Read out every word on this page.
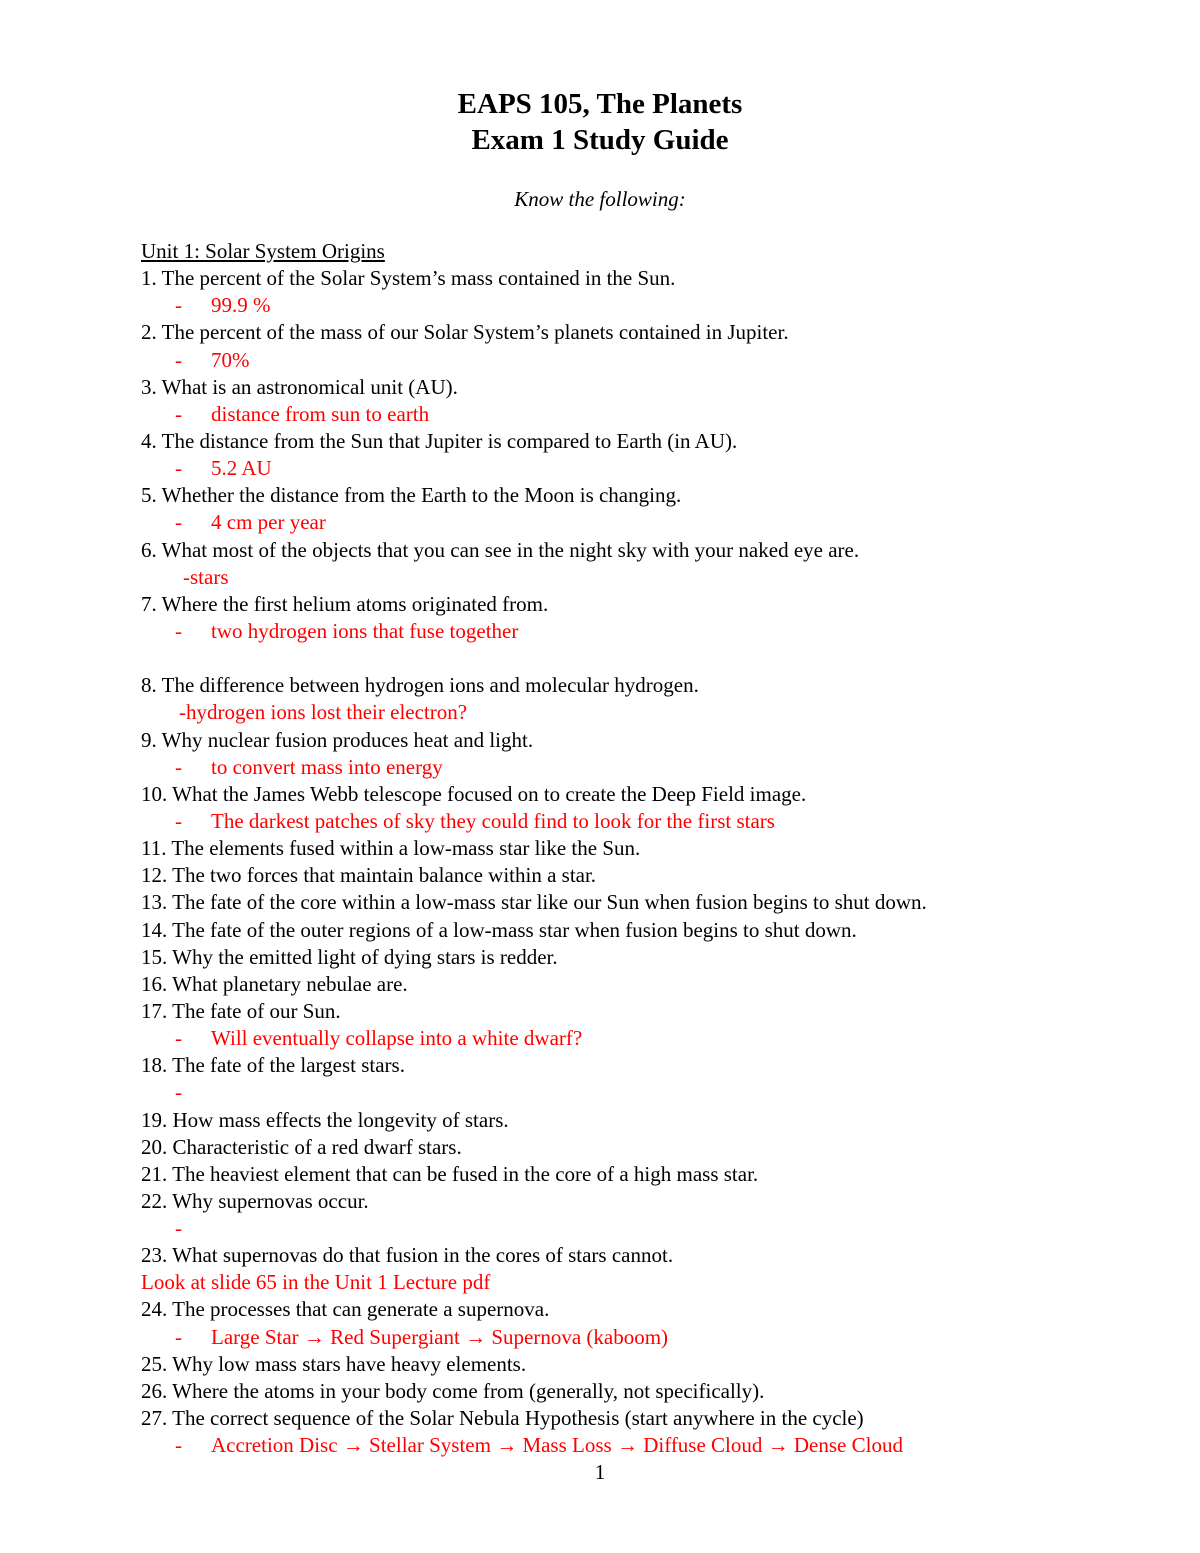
EAPS 105, The Planets
Exam 1 Study Guide
Know the following:
Unit 1: Solar System Origins
1. The percent of the Solar System’s mass contained in the Sun.
- 99.9 %
2. The percent of the mass of our Solar System’s planets contained in Jupiter.
- 70%
3. What is an astronomical unit (AU).
- distance from sun to earth
4. The distance from the Sun that Jupiter is compared to Earth (in AU).
- 5.2 AU
5. Whether the distance from the Earth to the Moon is changing.
- 4 cm per year
6. What most of the objects that you can see in the night sky with your naked eye are.
-stars
7. Where the first helium atoms originated from.
- two hydrogen ions that fuse together
8. The difference between hydrogen ions and molecular hydrogen.
-hydrogen ions lost their electron?
9. Why nuclear fusion produces heat and light.
- to convert mass into energy
10. What the James Webb telescope focused on to create the Deep Field image.
- The darkest patches of sky they could find to look for the first stars
11. The elements fused within a low-mass star like the Sun.
12. The two forces that maintain balance within a star.
13. The fate of the core within a low-mass star like our Sun when fusion begins to shut down.
14. The fate of the outer regions of a low-mass star when fusion begins to shut down.
15. Why the emitted light of dying stars is redder.
16. What planetary nebulae are.
17. The fate of our Sun.
- Will eventually collapse into a white dwarf?
18. The fate of the largest stars.
-
19. How mass effects the longevity of stars.
20. Characteristic of a red dwarf stars.
21. The heaviest element that can be fused in the core of a high mass star.
22. Why supernovas occur.
-
23. What supernovas do that fusion in the cores of stars cannot.
Look at slide 65 in the Unit 1 Lecture pdf
24. The processes that can generate a supernova.
- Large Star → Red Supergiant → Supernova (kaboom)
25. Why low mass stars have heavy elements.
26. Where the atoms in your body come from (generally, not specifically).
27. The correct sequence of the Solar Nebula Hypothesis (start anywhere in the cycle)
- Accretion Disc → Stellar System → Mass Loss → Diffuse Cloud → Dense Cloud
1
